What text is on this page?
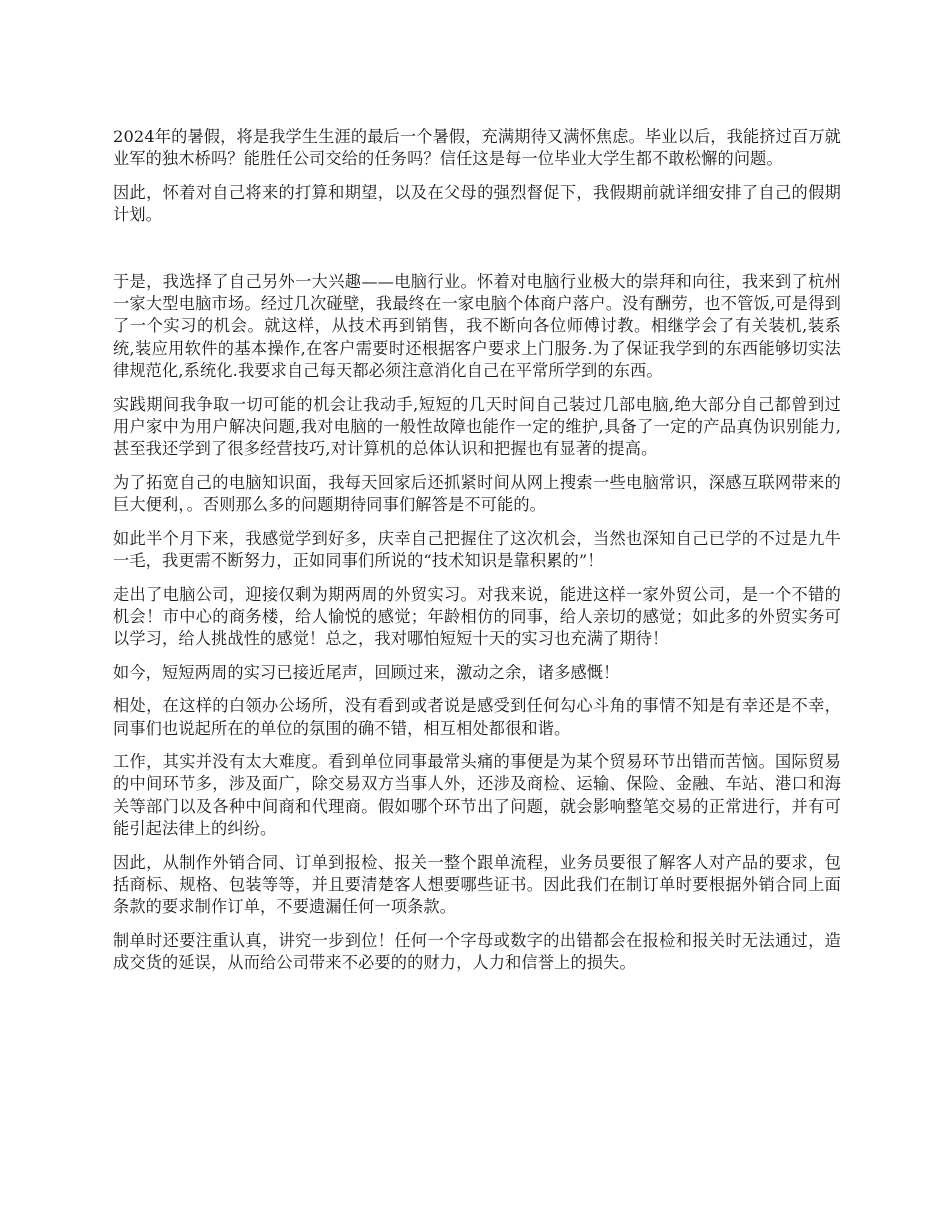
2024年的暑假，将是我学生生涯的最后一个暑假，充满期待又满怀焦虑。毕业以后，我能挤过百万就业军的独木桥吗？能胜任公司交给的任务吗？信任这是每一位毕业大学生都不敢松懈的问题。

因此，怀着对自己将来的打算和期望，以及在父母的强烈督促下，我假期前就详细安排了自己的假期计划。

于是，我选择了自己另外一大兴趣——电脑行业。怀着对电脑行业极大的崇拜和向往，我来到了杭州一家大型电脑市场。经过几次碰壁，我最终在一家电脑个体商户落户。没有酬劳，也不管饭,可是得到了一个实习的机会。就这样，从技术再到销售，我不断向各位师傅讨教。相继学会了有关装机,装系统,装应用软件的基本操作,在客户需要时还根据客户要求上门服务.为了保证我学到的东西能够切实法律规范化,系统化.我要求自己每天都必须注意消化自己在平常所学到的东西。

实践期间我争取一切可能的机会让我动手,短短的几天时间自己装过几部电脑,绝大部分自己都曾到过用户家中为用户解决问题,我对电脑的一般性故障也能作一定的维护,具备了一定的产品真伪识别能力,甚至我还学到了很多经营技巧,对计算机的总体认识和把握也有显著的提高。

为了拓宽自己的电脑知识面，我每天回家后还抓紧时间从网上搜索一些电脑常识，深感互联网带来的巨大便利，。否则那么多的问题期待同事们解答是不可能的。

如此半个月下来，我感觉学到好多，庆幸自己把握住了这次机会，当然也深知自己已学的不过是九牛一毛，我更需不断努力，正如同事们所说的“技术知识是靠积累的”！

走出了电脑公司，迎接仅剩为期两周的外贸实习。对我来说，能进这样一家外贸公司，是一个不错的机会！市中心的商务楼，给人愉悦的感觉；年龄相仿的同事，给人亲切的感觉；如此多的外贸实务可以学习，给人挑战性的感觉！总之，我对哪怕短短十天的实习也充满了期待！

如今，短短两周的实习已接近尾声，回顾过来，激动之余，诸多感慨！

相处，在这样的白领办公场所，没有看到或者说是感受到任何勾心斗角的事情不知是有幸还是不幸，同事们也说起所在的单位的氛围的确不错，相互相处都很和谐。

工作，其实并没有太大难度。看到单位同事最常头痛的事便是为某个贸易环节出错而苦恼。国际贸易的中间环节多，涉及面广，除交易双方当事人外，还涉及商检、运输、保险、金融、车站、港口和海关等部门以及各种中间商和代理商。假如哪个环节出了问题，就会影响整笔交易的正常进行，并有可能引起法律上的纠纷。

因此，从制作外销合同、订单到报检、报关一整个跟单流程，业务员要很了解客人对产品的要求，包括商标、规格、包装等等，并且要清楚客人想要哪些证书。因此我们在制订单时要根据外销合同上面条款的要求制作订单，不要遗漏任何一项条款。

制单时还要注重认真，讲究一步到位！任何一个字母或数字的出错都会在报检和报关时无法通过，造成交货的延误，从而给公司带来不必要的的财力，人力和信誉上的损失。
